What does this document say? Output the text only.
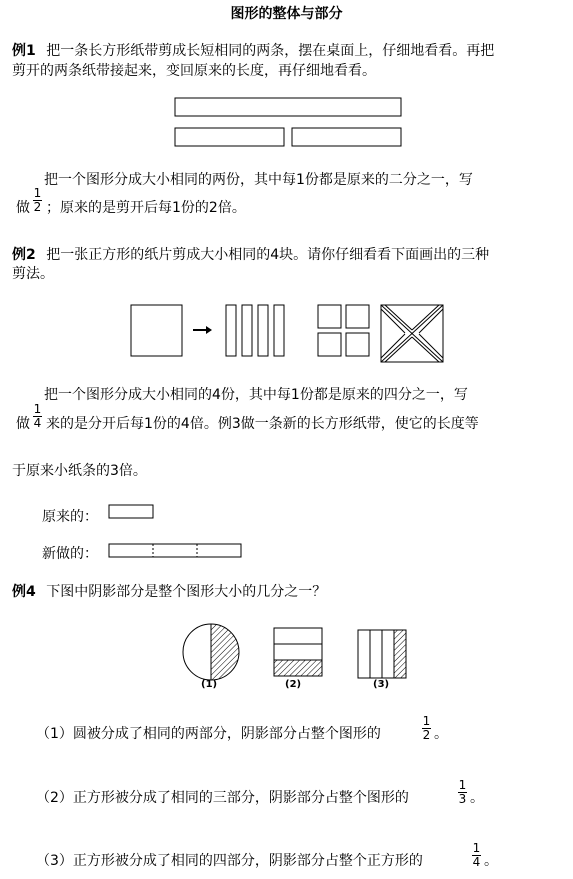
图形的整体与部分
例1 把一条长方形纸带剪成长短相同的两条，摆在桌面上，仔细地看看。再把
剪开的两条纸带接起来，变回原来的长度，再仔细地看看。
把一个图形分成大小相同的两份，其中每1份都是原来的二分之一，写
做
1
2 ；原来的是剪开后每1份的2倍。
例2 把一张正方形的纸片剪成大小相同的4块。请你仔细看看下面画出的三种
剪法。
把一个图形分成大小相同的4份，其中每1份都是原来的四分之一，写
做
1
4 来的是分开后每1份的4倍。例3做一条新的长方形纸带，使它的长度等
于原来小纸条的3倍。
原来的：
新做的：
例4 下图中阴影部分是整个图形大小的几分之一？
(1)	(2)	(3)
（1）圆被分成了相同的两部分，阴影部分占整个图形的
1
2 。
（2）正方形被分成了相同的三部分，阴影部分占整个图形的
1
3 。
（3）正方形被分成了相同的四部分，阴影部分占整个正方形的
1
4 。
